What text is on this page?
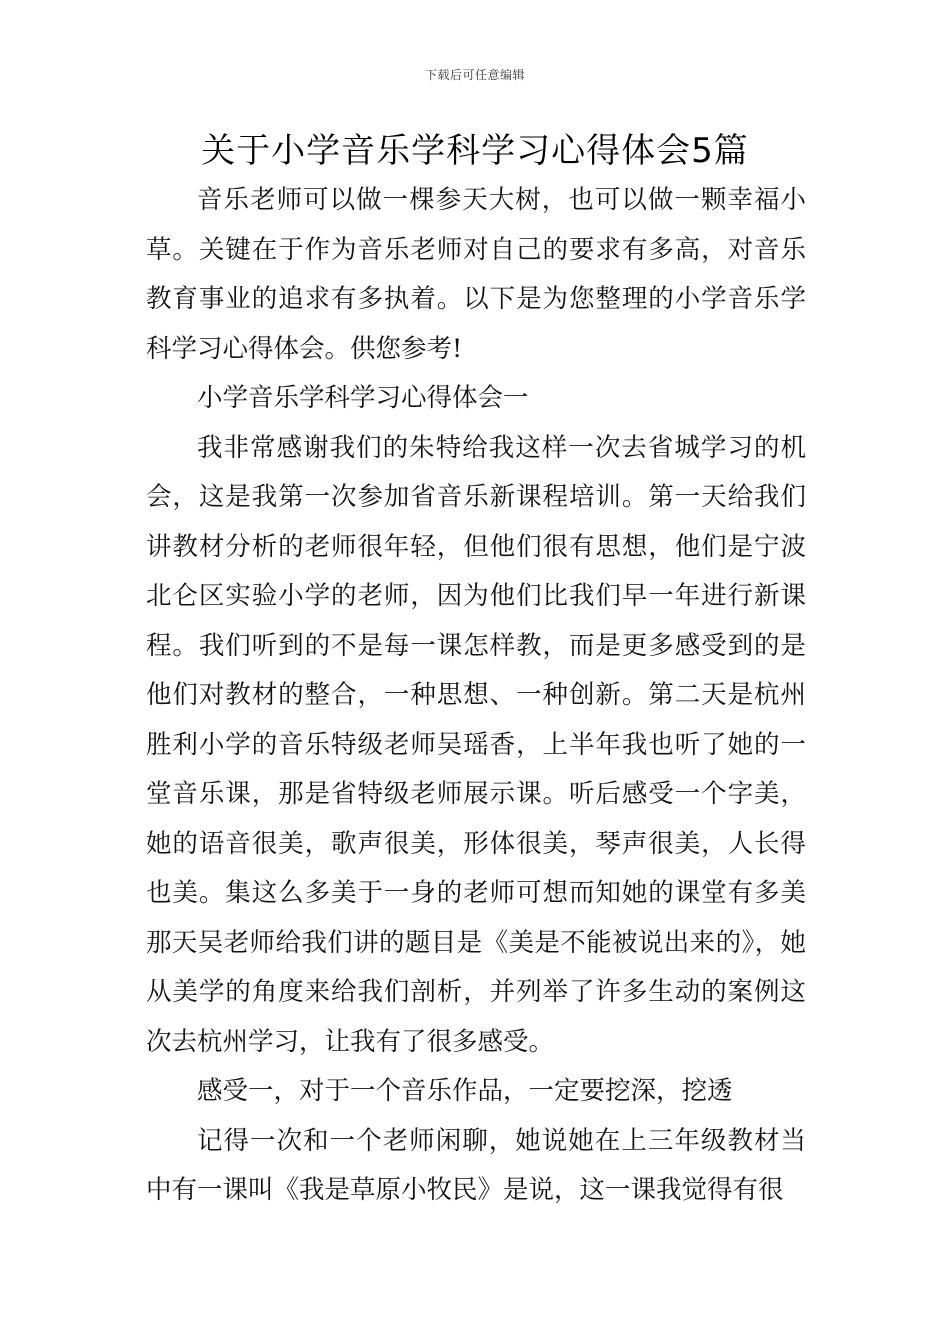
下载后可任意编辑
关于小学音乐学科学习心得体会5篇

音乐老师可以做一棵参天大树，也可以做一颗幸福小草。关键在于作为音乐老师对自己的要求有多高，对音乐教育事业的追求有多执着。以下是为您整理的小学音乐学科学习心得体会。供您参考!

小学音乐学科学习心得体会一

我非常感谢我们的朱特给我这样一次去省城学习的机会，这是我第一次参加省音乐新课程培训。第一天给我们讲教材分析的老师很年轻，但他们很有思想，他们是宁波北仑区实验小学的老师，因为他们比我们早一年进行新课程。我们听到的不是每一课怎样教，而是更多感受到的是他们对教材的整合，一种思想、一种创新。第二天是杭州胜利小学的音乐特级老师吴瑶香，上半年我也听了她的一堂音乐课，那是省特级老师展示课。听后感受一个字美，她的语音很美，歌声很美，形体很美，琴声很美，人长得也美。集这么多美于一身的老师可想而知她的课堂有多美那天吴老师给我们讲的题目是《美是不能被说出来的》，她从美学的角度来给我们剖析，并列举了许多生动的案例这次去杭州学习，让我有了很多感受。

感受一，对于一个音乐作品，一定要挖深，挖透

记得一次和一个老师闲聊，她说她在上三年级教材当中有一课叫《我是草原小牧民》是说，这一课我觉得有很
